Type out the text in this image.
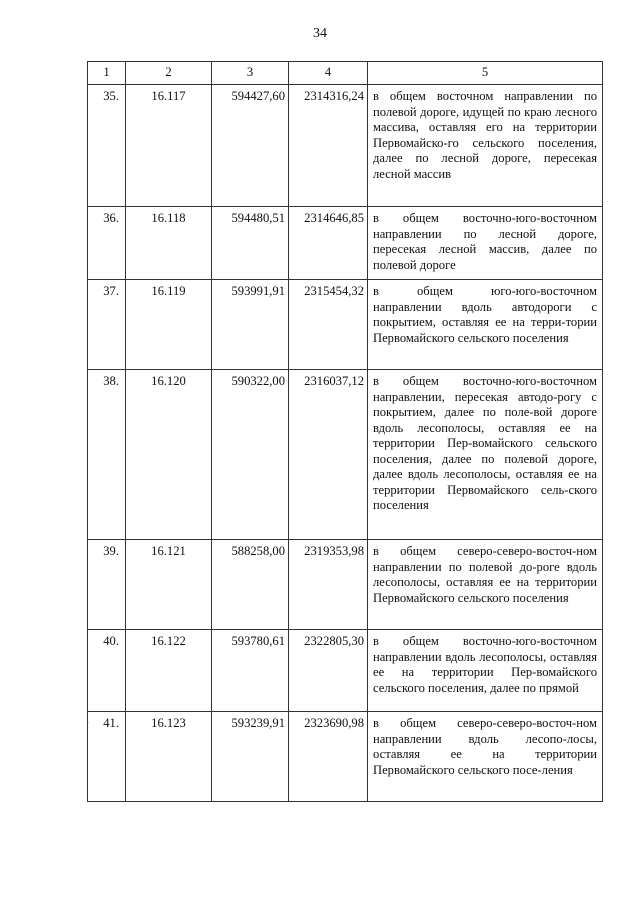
34
1	2	3	4	5
35.	16.117	594427,60	2314316,24	в общем восточном направлении по полевой дороге, идущей по краю лесного массива, оставляя его на территории Первомайско-го сельского поселения, далее по лесной дороге, пересекая лесной массив
36.	16.118	594480,51	2314646,85	в общем восточно-юго-восточном направлении по лесной дороге, пересекая лесной массив, далее по полевой дороге
37.	16.119	593991,91	2315454,32	в общем юго-юго-восточном направлении вдоль автодороги с покрытием, оставляя ее на терри-тории Первомайского сельского поселения
38.	16.120	590322,00	2316037,12	в общем восточно-юго-восточном направлении, пересекая автодо-рогу с покрытием, далее по поле-вой дороге вдоль лесополосы, оставляя ее на территории Пер-вомайского сельского поселения, далее по полевой дороге, далее вдоль лесополосы, оставляя ее на территории Первомайского сель-ского поселения
39.	16.121	588258,00	2319353,98	в общем северо-северо-восточ-ном направлении по полевой до-роге вдоль лесополосы, оставляя ее на территории Первомайского сельского поселения
40.	16.122	593780,61	2322805,30	в общем восточно-юго-восточном направлении вдоль лесополосы, оставляя ее на территории Пер-вомайского сельского поселения, далее по прямой
41.	16.123	593239,91	2323690,98	в общем северо-северо-восточ-ном направлении вдоль лесопо-лосы, оставляя ее на территории Первомайского сельского посе-ления
.
